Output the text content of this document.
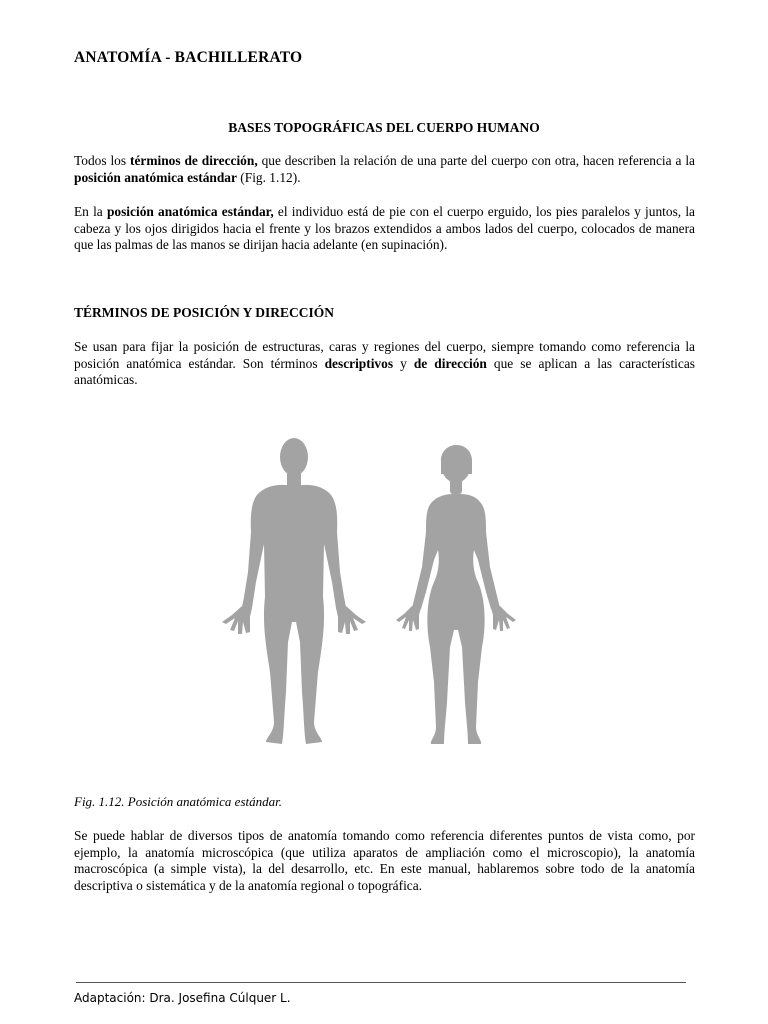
ANATOMÍA - BACHILLERATO
BASES TOPOGRÁFICAS DEL CUERPO HUMANO

Todos los términos de dirección, que describen la relación de una parte del cuerpo con otra, hacen referencia a la posición anatómica estándar (Fig. 1.12).

En la posición anatómica estándar, el individuo está de pie con el cuerpo erguido, los pies paralelos y juntos, la cabeza y los ojos dirigidos hacia el frente y los brazos extendidos a ambos lados del cuerpo, colocados de manera que las palmas de las manos se dirijan hacia adelante (en supinación).

TÉRMINOS DE POSICIÓN Y DIRECCIÓN

Se usan para fijar la posición de estructuras, caras y regiones del cuerpo, siempre tomando como referencia la posición anatómica estándar. Son términos descriptivos y de dirección que se aplican a las características anatómicas.

Fig. 1.12. Posición anatómica estándar.

Se puede hablar de diversos tipos de anatomía tomando como referencia diferentes puntos de vista como, por ejemplo, la anatomía microscópica (que utiliza aparatos de ampliación como el microscopio), la anatomía macroscópica (a simple vista), la del desarrollo, etc. En este manual, hablaremos sobre todo de la anatomía descriptiva o sistemática y de la anatomía regional o topográfica.

Adaptación: Dra. Josefina Cúlquer L.
